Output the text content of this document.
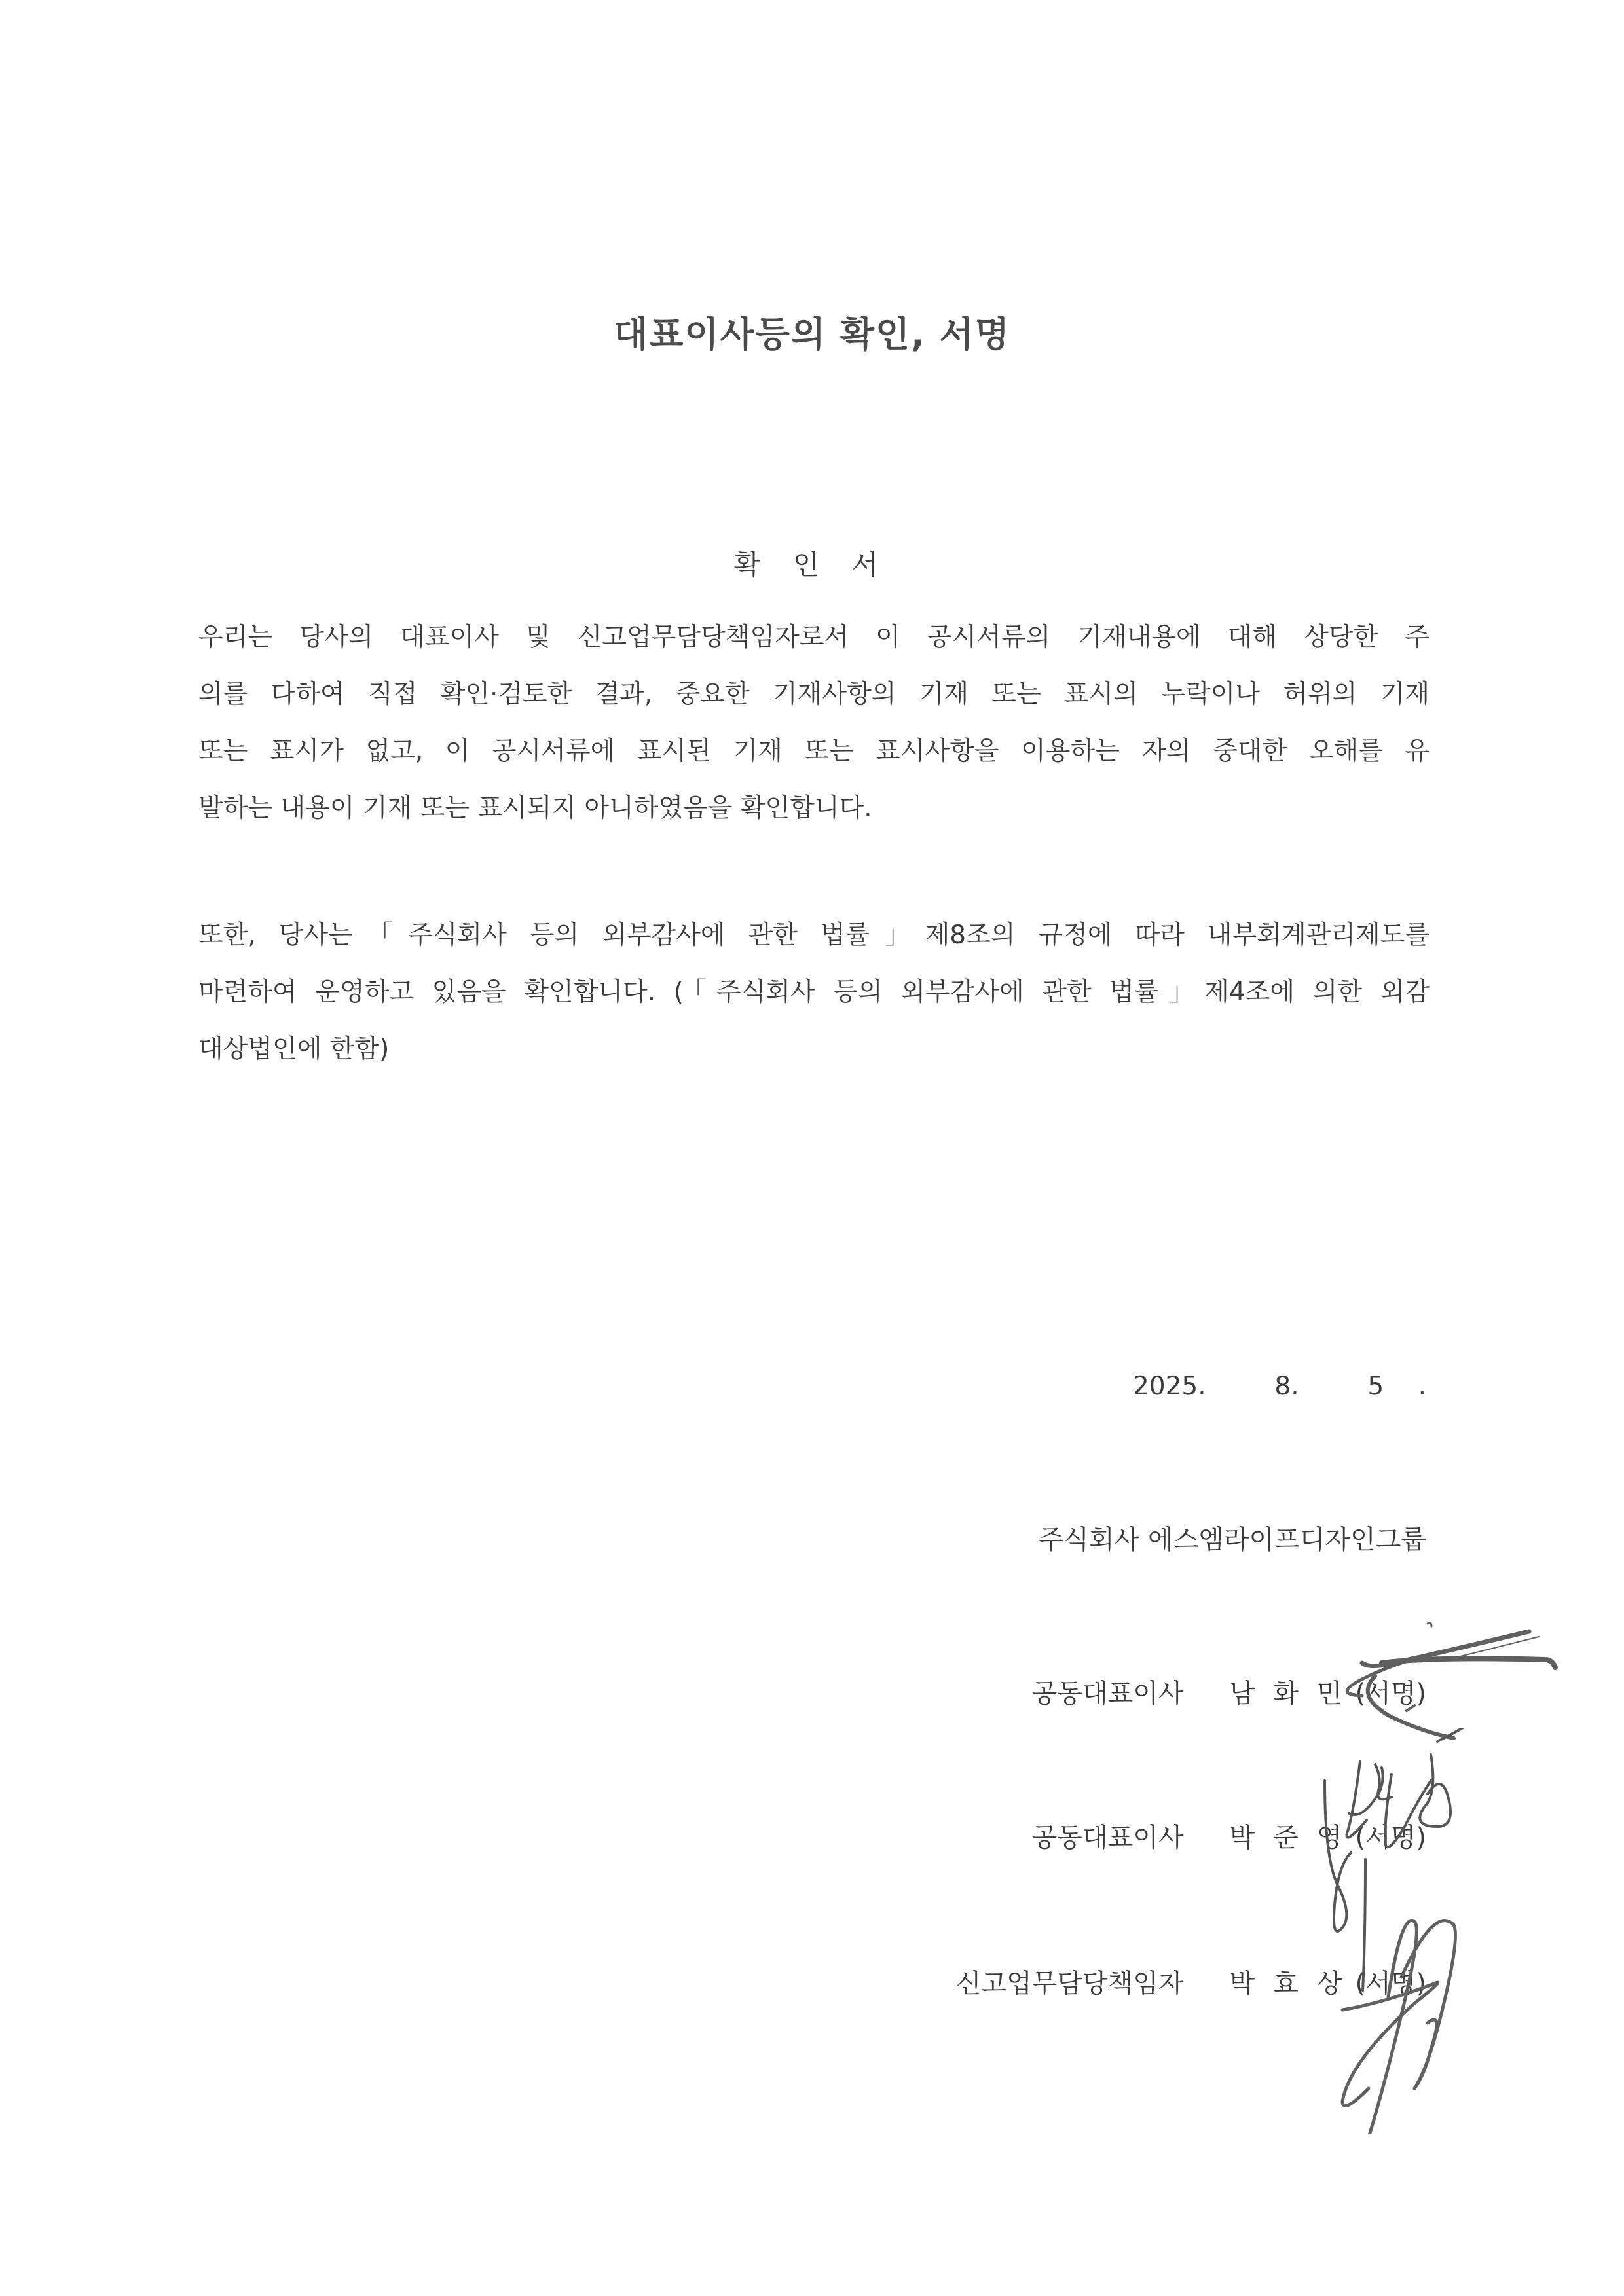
대표이사등의 확인, 서명
확 인 서
우리는 당사의 대표이사 및 신고업무담당책임자로서 이 공시서류의 기재내용에 대해 상당한 주
의를 다하여 직접 확인·검토한 결과, 중요한 기재사항의 기재 또는 표시의 누락이나 허위의 기재
또는 표시가 없고, 이 공시서류에 표시된 기재 또는 표시사항을 이용하는 자의 중대한 오해를 유
발하는 내용이 기재 또는 표시되지 아니하였음을 확인합니다.
또한, 당사는「주식회사 등의 외부감사에 관한 법률」제8조의 규정에 따라 내부회계관리제도를
마련하여 운영하고 있음을 확인합니다. (「주식회사 등의 외부감사에 관한 법률」제4조에 의한 외감
대상법인에 한함)
2025.  8.  5 .
주식회사 에스엠라이프디자인그룹
공동대표이사 남화민
(서명)
공동대표이사 박준영
(서명)
신고업무담당책임자 박효상
(서명)
